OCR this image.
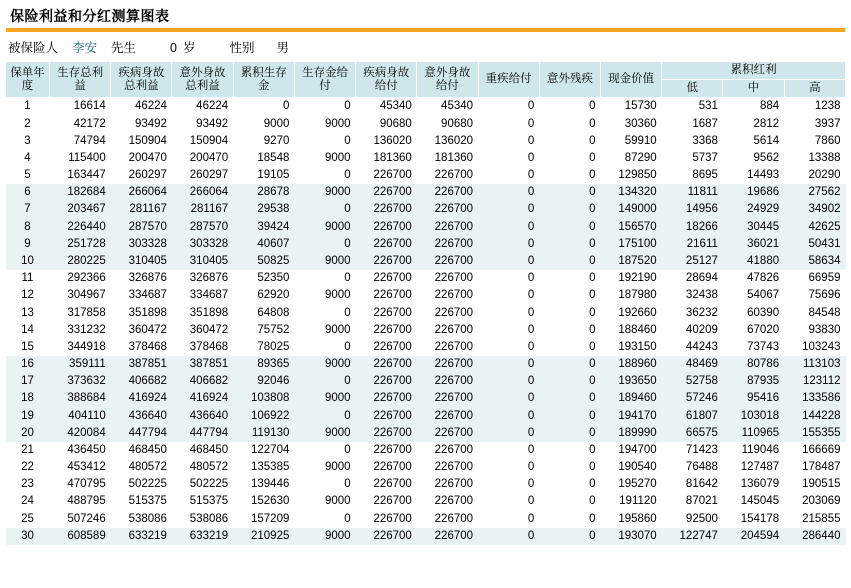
保险利益和分红测算图表
被保险人 李安 先生	0 岁	性别 男
保单年度	生存总利益	疾病身故总利益	意外身故总利益	累积生存金	生存金给付	疾病身故给付	意外身故给付	重疾给付	意外残疾	现金价值	累积红利		
											低	中	高
1	16614	46224	46224	0	0	45340	45340	0	0	15730	531	884	1238
2	42172	93492	93492	9000	9000	90680	90680	0	0	30360	1687	2812	3937
3	74794	150904	150904	9270	0	136020	136020	0	0	59910	3368	5614	7860
4	115400	200470	200470	18548	9000	181360	181360	0	0	87290	5737	9562	13388
5	163447	260297	260297	19105	0	226700	226700	0	0	129850	8695	14493	20290
6	182684	266064	266064	28678	9000	226700	226700	0	0	134320	11811	19686	27562
7	203467	281167	281167	29538	0	226700	226700	0	0	149000	14956	24929	34902
8	226440	287570	287570	39424	9000	226700	226700	0	0	156570	18266	30445	42625
9	251728	303328	303328	40607	0	226700	226700	0	0	175100	21611	36021	50431
10	280225	310405	310405	50825	9000	226700	226700	0	0	187520	25127	41880	58634
11	292366	326876	326876	52350	0	226700	226700	0	0	192190	28694	47826	66959
12	304967	334687	334687	62920	9000	226700	226700	0	0	187980	32438	54067	75696
13	317858	351898	351898	64808	0	226700	226700	0	0	192660	36232	60390	84548
14	331232	360472	360472	75752	9000	226700	226700	0	0	188460	40209	67020	93830
15	344918	378468	378468	78025	0	226700	226700	0	0	193150	44243	73743	103243
16	359111	387851	387851	89365	9000	226700	226700	0	0	188960	48469	80786	113103
17	373632	406682	406682	92046	0	226700	226700	0	0	193650	52758	87935	123112
18	388684	416924	416924	103808	9000	226700	226700	0	0	189460	57246	95416	133586
19	404110	436640	436640	106922	0	226700	226700	0	0	194170	61807	103018	144228
20	420084	447794	447794	119130	9000	226700	226700	0	0	189990	66575	110965	155355
21	436450	468450	468450	122704	0	226700	226700	0	0	194700	71423	119046	166669
22	453412	480572	480572	135385	9000	226700	226700	0	0	190540	76488	127487	178487
23	470795	502225	502225	139446	0	226700	226700	0	0	195270	81642	136079	190515
24	488795	515375	515375	152630	9000	226700	226700	0	0	191120	87021	145045	203069
25	507246	538086	538086	157209	0	226700	226700	0	0	195860	92500	154178	215855
30	608589	633219	633219	210925	9000	226700	226700	0	0	193070	122747	204594	286440
